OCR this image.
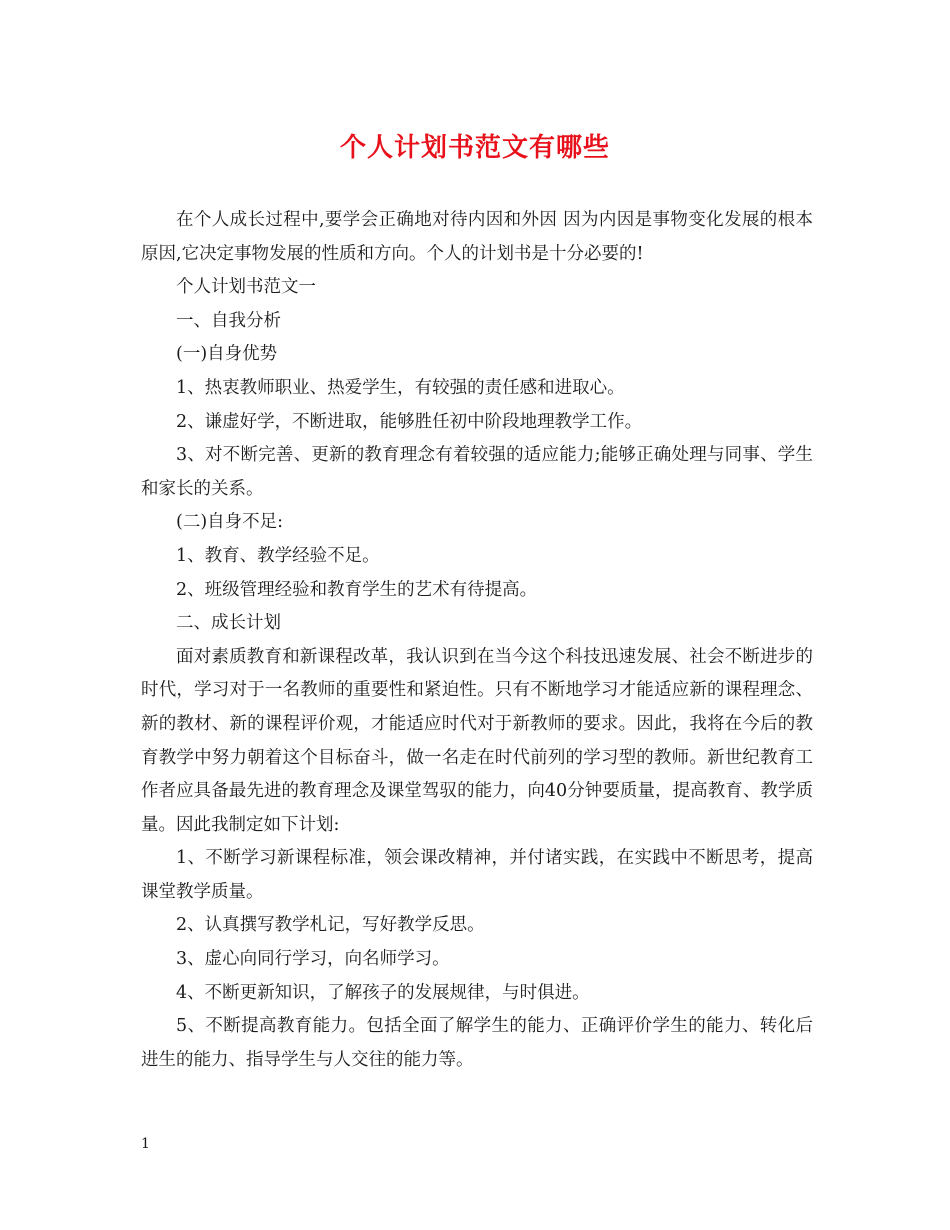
个人计划书范文有哪些

在个人成长过程中,要学会正确地对待内因和外因 因为内因是事物变化发展的根本原因,它决定事物发展的性质和方向。个人的计划书是十分必要的!

个人计划书范文一

一、自我分析

(一)自身优势

1、热衷教师职业、热爱学生，有较强的责任感和进取心。

2、谦虚好学，不断进取，能够胜任初中阶段地理教学工作。

3、对不断完善、更新的教育理念有着较强的适应能力;能够正确处理与同事、学生和家长的关系。

(二)自身不足:

1、教育、教学经验不足。

2、班级管理经验和教育学生的艺术有待提高。

二、成长计划

面对素质教育和新课程改革，我认识到在当今这个科技迅速发展、社会不断进步的时代，学习对于一名教师的重要性和紧迫性。只有不断地学习才能适应新的课程理念、新的教材、新的课程评价观，才能适应时代对于新教师的要求。因此，我将在今后的教育教学中努力朝着这个目标奋斗，做一名走在时代前列的学习型的教师。新世纪教育工作者应具备最先进的教育理念及课堂驾驭的能力，向40分钟要质量，提高教育、教学质量。因此我制定如下计划:

1、不断学习新课程标准，领会课改精神，并付诸实践，在实践中不断思考，提高课堂教学质量。

2、认真撰写教学札记，写好教学反思。

3、虚心向同行学习，向名师学习。

4、不断更新知识，了解孩子的发展规律，与时俱进。

5、不断提高教育能力。包括全面了解学生的能力、正确评价学生的能力、转化后进生的能力、指导学生与人交往的能力等。

1
